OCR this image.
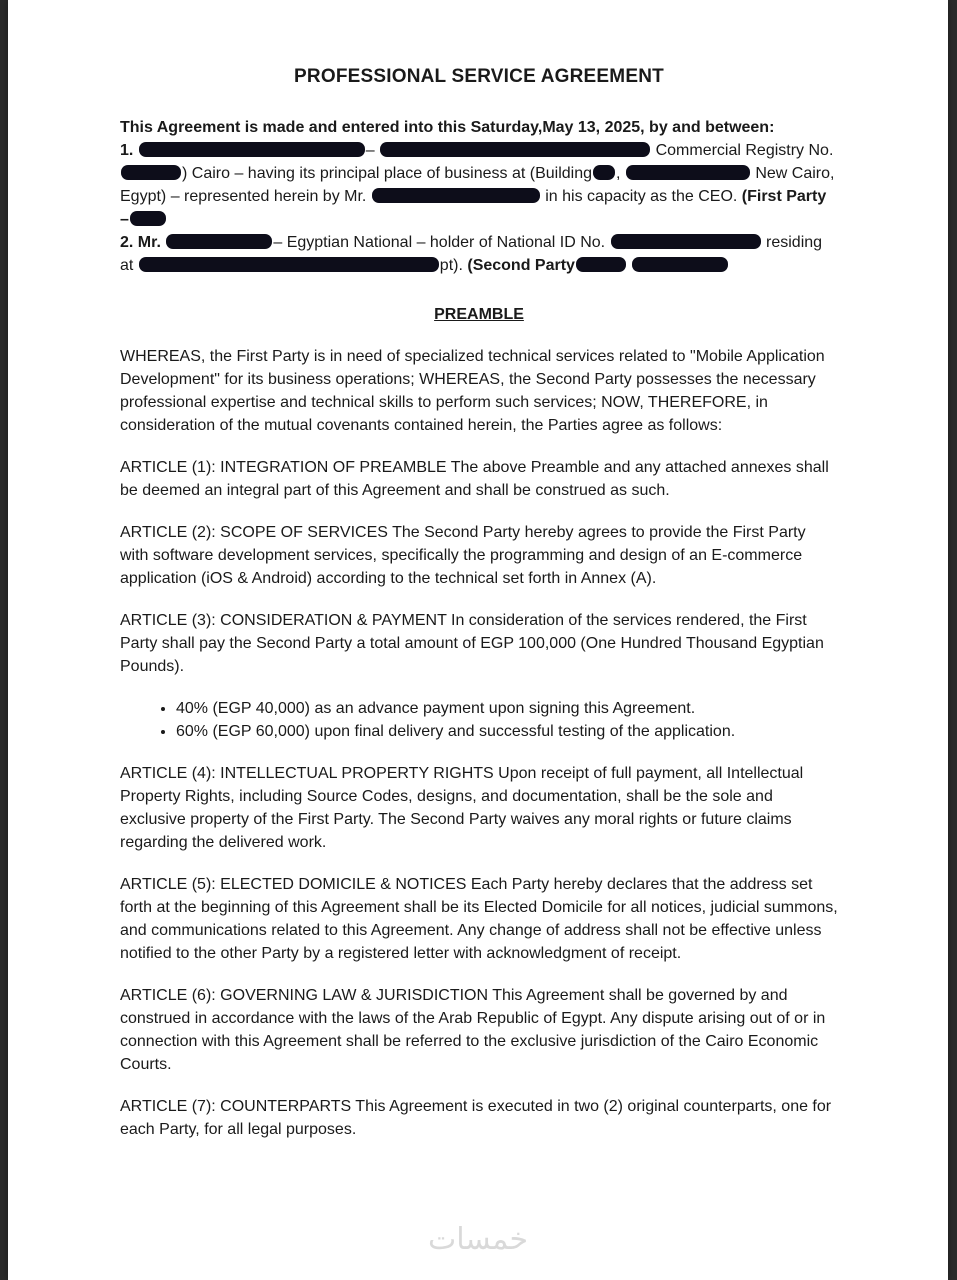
PROFESSIONAL SERVICE AGREEMENT

This Agreement is made and entered into this Saturday,May 13, 2025, by and between:

1.	–	Commercial Registry No. ) Cairo – having its principal place of business at (Building ,	New Cairo, Egypt) – represented herein by Mr.	in his capacity as the CEO. (First Party –

2. Mr.	– Egyptian National – holder of National ID No.	residing at	pt). (Second Party

PREAMBLE

WHEREAS, the First Party is in need of specialized technical services related to "Mobile Application Development" for its business operations; WHEREAS, the Second Party possesses the necessary professional expertise and technical skills to perform such services; NOW, THEREFORE, in consideration of the mutual covenants contained herein, the Parties agree as follows:

ARTICLE (1): INTEGRATION OF PREAMBLE The above Preamble and any attached annexes shall be deemed an integral part of this Agreement and shall be construed as such.

ARTICLE (2): SCOPE OF SERVICES The Second Party hereby agrees to provide the First Party with software development services, specifically the programming and design of an E-commerce application (iOS & Android) according to the technical set forth in Annex (A).

ARTICLE (3): CONSIDERATION & PAYMENT In consideration of the services rendered, the First Party shall pay the Second Party a total amount of EGP 100,000 (One Hundred Thousand Egyptian Pounds).

• 40% (EGP 40,000) as an advance payment upon signing this Agreement.
• 60% (EGP 60,000) upon final delivery and successful testing of the application.

ARTICLE (4): INTELLECTUAL PROPERTY RIGHTS Upon receipt of full payment, all Intellectual Property Rights, including Source Codes, designs, and documentation, shall be the sole and exclusive property of the First Party. The Second Party waives any moral rights or future claims regarding the delivered work.

ARTICLE (5): ELECTED DOMICILE & NOTICES Each Party hereby declares that the address set forth at the beginning of this Agreement shall be its Elected Domicile for all notices, judicial summons, and communications related to this Agreement. Any change of address shall not be effective unless notified to the other Party by a registered letter with acknowledgment of receipt.

ARTICLE (6): GOVERNING LAW & JURISDICTION This Agreement shall be governed by and construed in accordance with the laws of the Arab Republic of Egypt. Any dispute arising out of or in connection with this Agreement shall be referred to the exclusive jurisdiction of the Cairo Economic Courts.

ARTICLE (7): COUNTERPARTS This Agreement is executed in two (2) original counterparts, one for each Party, for all legal purposes.

خمسات
